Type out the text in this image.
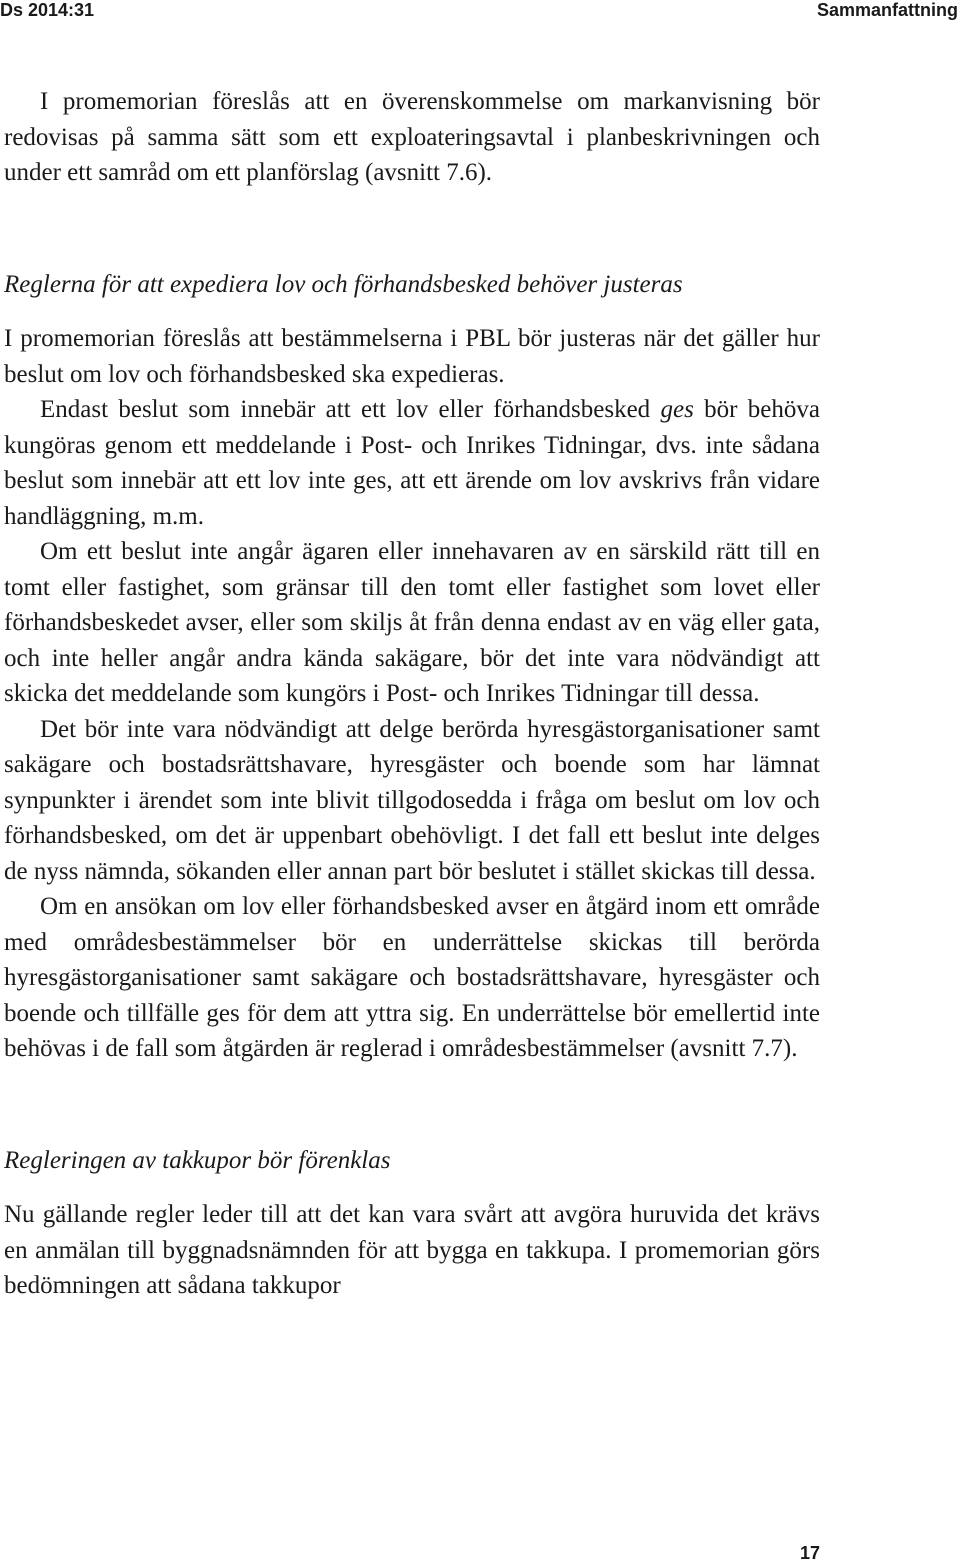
Ds 2014:31	Sammanfattning

I promemorian föreslås att en överenskommelse om markanvisning bör redovisas på samma sätt som ett exploateringsavtal i planbeskrivningen och under ett samråd om ett planförslag (avsnitt 7.6).

Reglerna för att expediera lov och förhandsbesked behöver justeras

I promemorian föreslås att bestämmelserna i PBL bör justeras när det gäller hur beslut om lov och förhandsbesked ska expedieras.

Endast beslut som innebär att ett lov eller förhandsbesked ges bör behöva kungöras genom ett meddelande i Post- och Inrikes Tidningar, dvs. inte sådana beslut som innebär att ett lov inte ges, att ett ärende om lov avskrivs från vidare handläggning, m.m.

Om ett beslut inte angår ägaren eller innehavaren av en särskild rätt till en tomt eller fastighet, som gränsar till den tomt eller fastighet som lovet eller förhandsbeskedet avser, eller som skiljs åt från denna endast av en väg eller gata, och inte heller angår andra kända sakägare, bör det inte vara nödvändigt att skicka det meddelande som kungörs i Post- och Inrikes Tidningar till dessa.

Det bör inte vara nödvändigt att delge berörda hyresgästorganisationer samt sakägare och bostadsrättshavare, hyresgäster och boende som har lämnat synpunkter i ärendet som inte blivit tillgodosedda i fråga om beslut om lov och förhandsbesked, om det är uppenbart obehövligt. I det fall ett beslut inte delges de nyss nämnda, sökanden eller annan part bör beslutet i stället skickas till dessa.

Om en ansökan om lov eller förhandsbesked avser en åtgärd inom ett område med områdesbestämmelser bör en underrättelse skickas till berörda hyresgästorganisationer samt sakägare och bostadsrättshavare, hyresgäster och boende och tillfälle ges för dem att yttra sig. En underrättelse bör emellertid inte behövas i de fall som åtgärden är reglerad i områdesbestämmelser (avsnitt 7.7).

Regleringen av takkupor bör förenklas

Nu gällande regler leder till att det kan vara svårt att avgöra huruvida det krävs en anmälan till byggnadsnämnden för att bygga en takkupa. I promemorian görs bedömningen att sådana takkupor

17
